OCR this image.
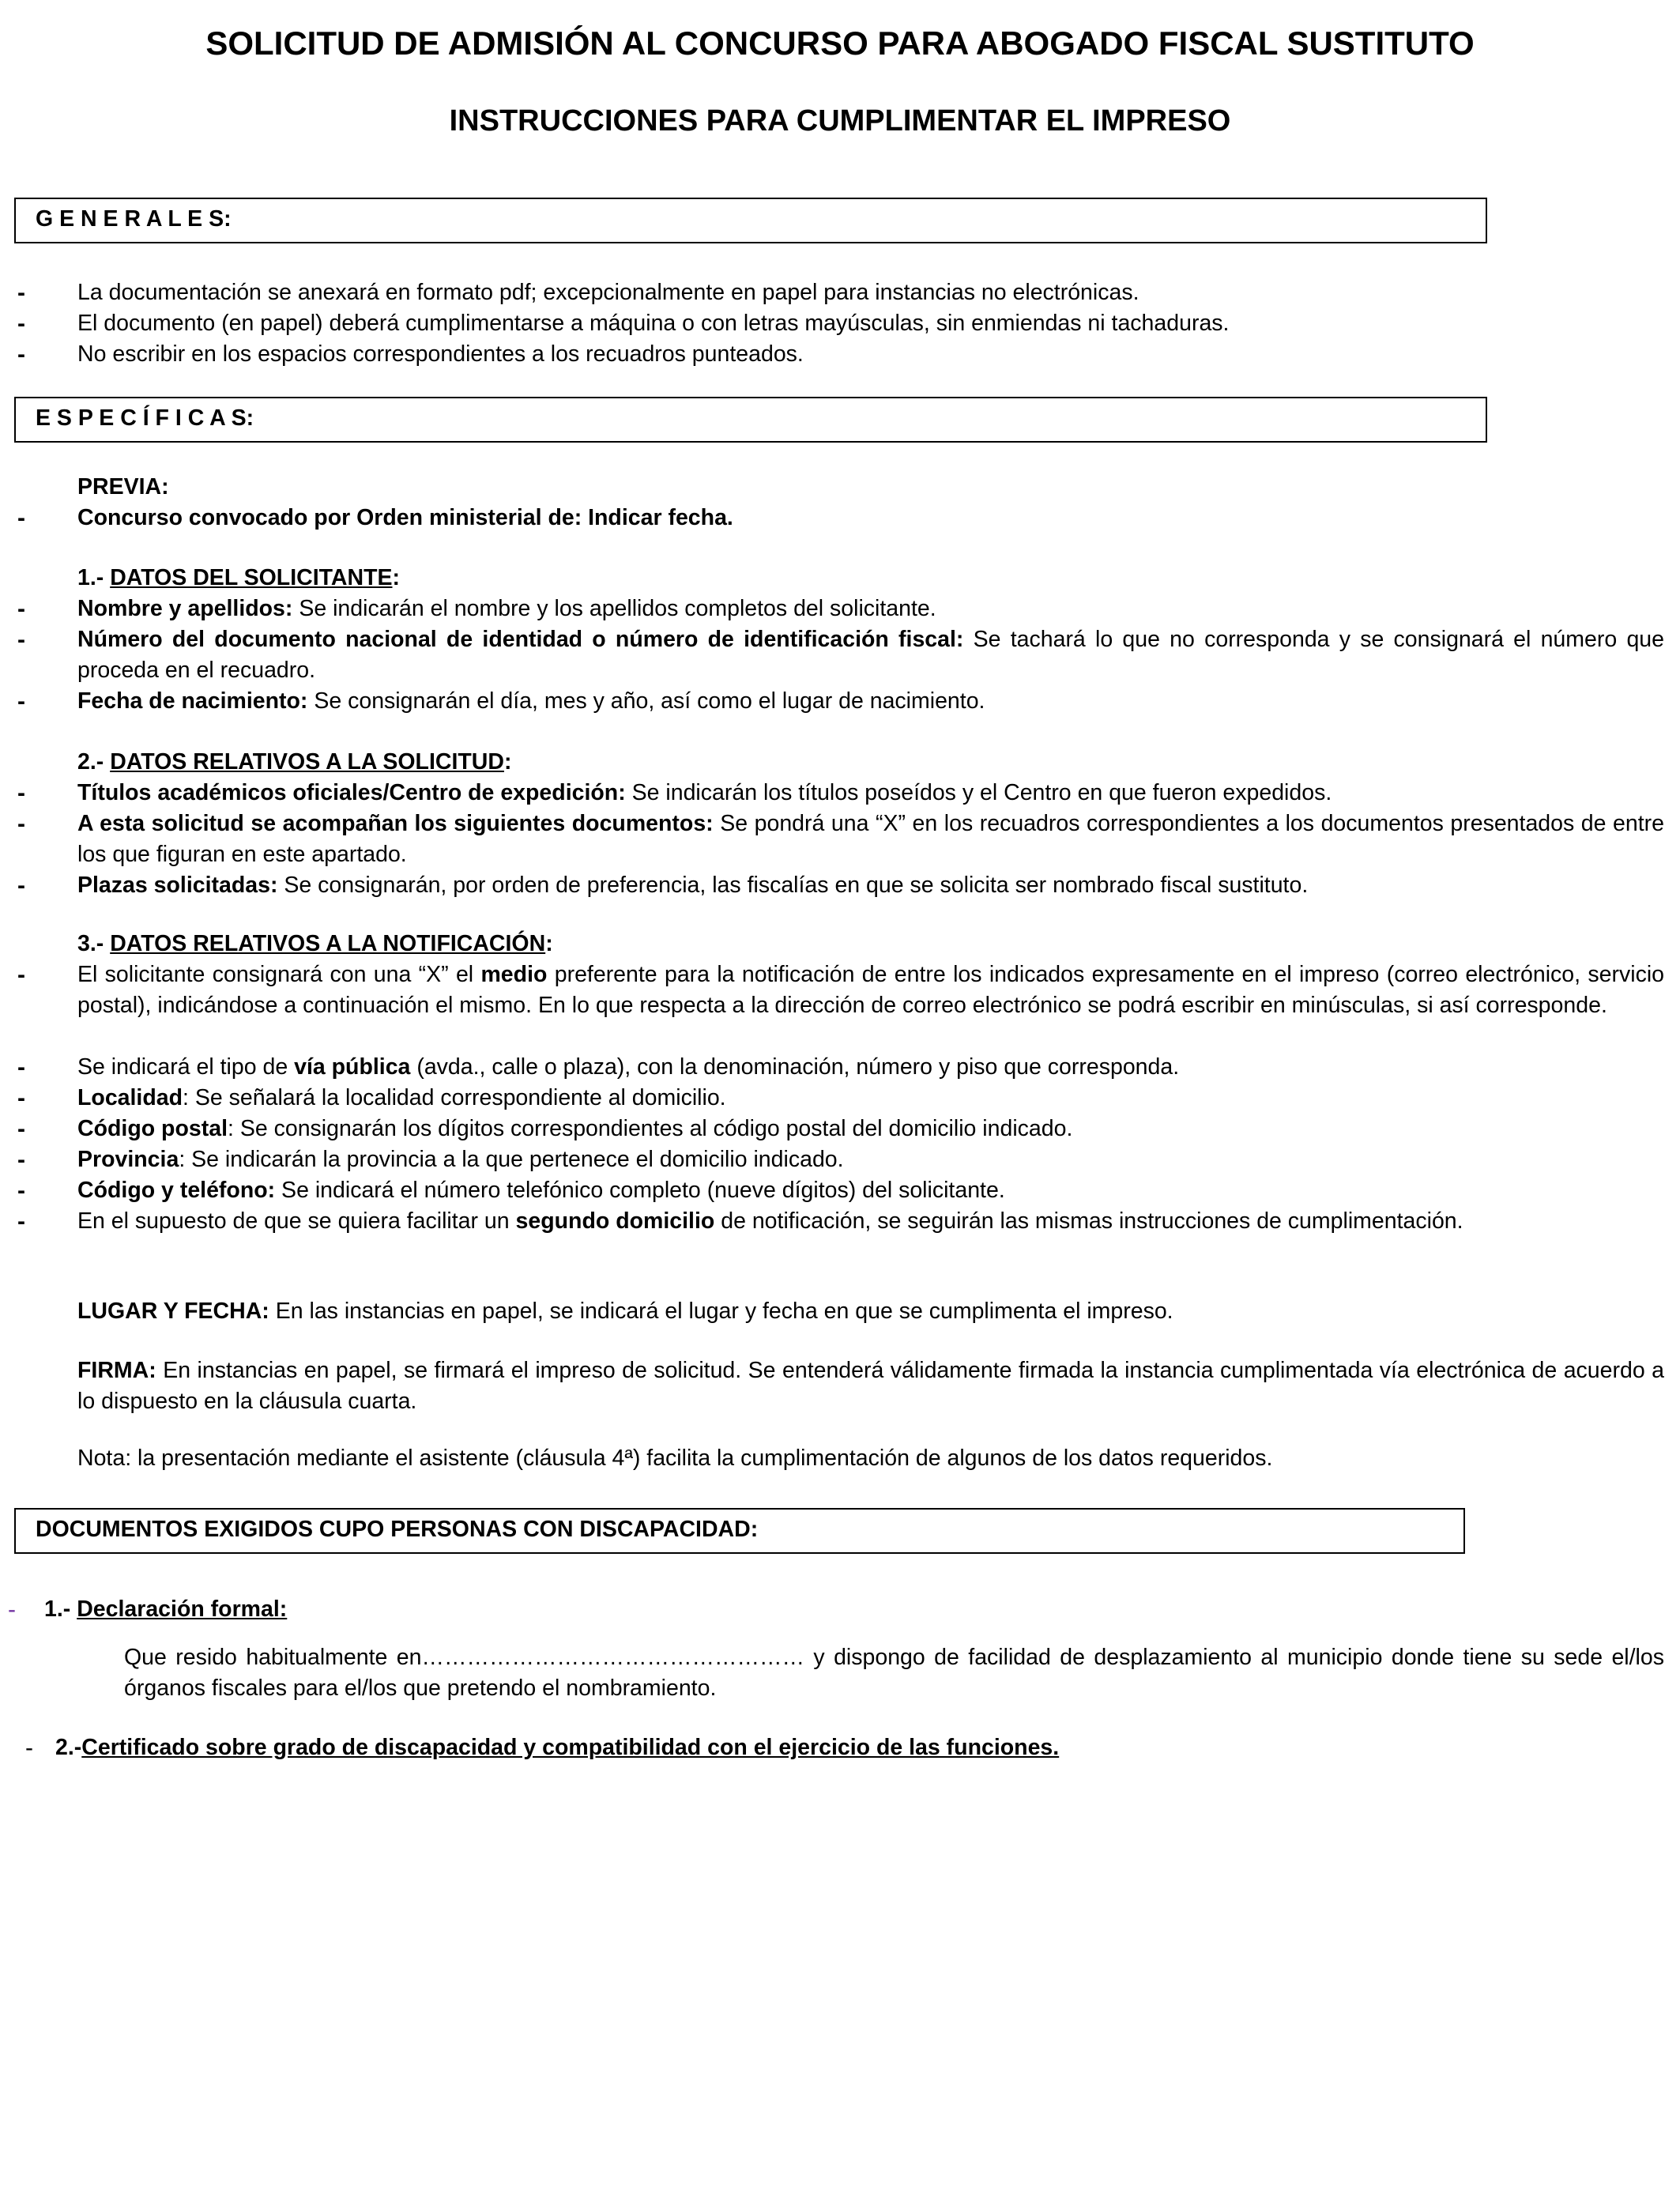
SOLICITUD DE ADMISIÓN AL CONCURSO PARA ABOGADO FISCAL SUSTITUTO
INSTRUCCIONES PARA CUMPLIMENTAR EL IMPRESO
G E N E R A L E S:
- La documentación se anexará en formato pdf; excepcionalmente en papel para instancias no electrónicas.
- El documento (en papel) deberá cumplimentarse a máquina o con letras mayúsculas, sin enmiendas ni tachaduras.
- No escribir en los espacios correspondientes a los recuadros punteados.
E S P E C Í F I C A S:
PREVIA:
- Concurso convocado por Orden ministerial de: Indicar fecha.
1.- DATOS DEL SOLICITANTE:
- Nombre y apellidos: Se indicarán el nombre y los apellidos completos del solicitante.
- Número del documento nacional de identidad o número de identificación fiscal: Se tachará lo que no corresponda y se consignará el número que proceda en el recuadro.
- Fecha de nacimiento: Se consignarán el día, mes y año, así como el lugar de nacimiento.
2.- DATOS RELATIVOS A LA SOLICITUD:
- Títulos académicos oficiales/Centro de expedición: Se indicarán los títulos poseídos y el Centro en que fueron expedidos.
- A esta solicitud se acompañan los siguientes documentos: Se pondrá una “X” en los recuadros correspondientes a los documentos presentados de entre los que figuran en este apartado.
- Plazas solicitadas: Se consignarán, por orden de preferencia, las fiscalías en que se solicita ser nombrado fiscal sustituto.
3.- DATOS RELATIVOS A LA NOTIFICACIÓN:
- El solicitante consignará con una “X” el medio preferente para la notificación de entre los indicados expresamente en el impreso (correo electrónico, servicio postal), indicándose a continuación el mismo. En lo que respecta a la dirección de correo electrónico se podrá escribir en minúsculas, si así corresponde.
- Se indicará el tipo de vía pública (avda., calle o plaza), con la denominación, número y piso que corresponda.
- Localidad: Se señalará la localidad correspondiente al domicilio.
- Código postal: Se consignarán los dígitos correspondientes al código postal del domicilio indicado.
- Provincia: Se indicarán la provincia a la que pertenece el domicilio indicado.
- Código y teléfono: Se indicará el número telefónico completo (nueve dígitos) del solicitante.
- En el supuesto de que se quiera facilitar un segundo domicilio de notificación, se seguirán las mismas instrucciones de cumplimentación.
LUGAR Y FECHA: En las instancias en papel, se indicará el lugar y fecha en que se cumplimenta el impreso.
FIRMA: En instancias en papel, se firmará el impreso de solicitud. Se entenderá válidamente firmada la instancia cumplimentada vía electrónica de acuerdo a lo dispuesto en la cláusula cuarta.
Nota: la presentación mediante el asistente (cláusula 4ª) facilita la cumplimentación de algunos de los datos requeridos.
DOCUMENTOS EXIGIDOS CUPO PERSONAS CON DISCAPACIDAD:
- 1.- Declaración formal:
Que resido habitualmente en…………………………………………… y dispongo de facilidad de desplazamiento al municipio donde tiene su sede el/los órganos fiscales para el/los que pretendo el nombramiento.
- 2.-Certificado sobre grado de discapacidad y compatibilidad con el ejercicio de las funciones.
